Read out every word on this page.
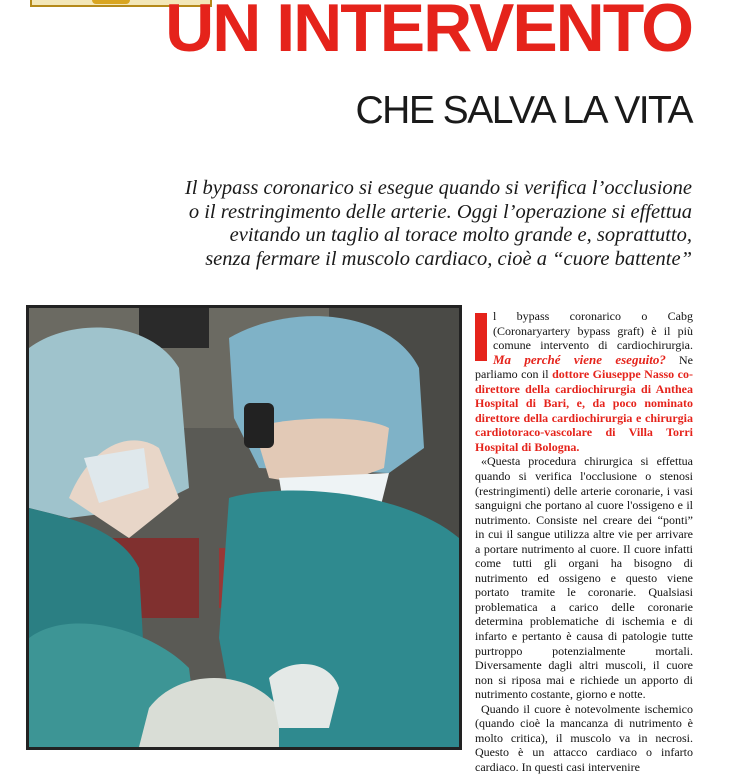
UN INTERVENTO
CHE SALVA LA VITA
Il bypass coronarico si esegue quando si verifica l’occlusione
o il restringimento delle arterie. Oggi l’operazione si effettua
evitando un taglio al torace molto grande e, soprattutto,
senza fermare il muscolo cardiaco, cioè a “cuore battente”

l bypass coronarico o Cabg (Coronaryartery bypass graft) è il più comune intervento di cardiochirurgia. Ma perché viene eseguito? Ne parliamo con il dottore Giuseppe Nasso co-direttore della cardiochirurgia di Anthea Hospital di Bari, e, da poco nominato direttore della cardiochirurgia e chirurgia cardiotoraco-vascolare di Villa Torri Hospital di Bologna.

«Questa procedura chirurgica si effettua quando si verifica l'occlusione o stenosi (restringimenti) delle arterie coronarie, i vasi sanguigni che portano al cuore l'ossigeno e il nutrimento. Consiste nel creare dei “ponti” in cui il sangue utilizza altre vie per arrivare a portare nutrimento al cuore. Il cuore infatti come tutti gli organi ha bisogno di nutrimento ed ossigeno e questo viene portato tramite le coronarie. Qualsiasi problematica a carico delle coronarie determina problematiche di ischemia e di infarto e pertanto è causa di patologie tutte purtroppo potenzialmente mortali. Diversamente dagli altri muscoli, il cuore non si riposa mai e richiede un apporto di nutrimento costante, giorno e notte.

Quando il cuore è notevolmente ischemico (quando cioè la mancanza di nutrimento è molto critica), il muscolo va in necrosi. Questo è un attacco cardiaco o infarto cardiaco. In questi casi intervenire
